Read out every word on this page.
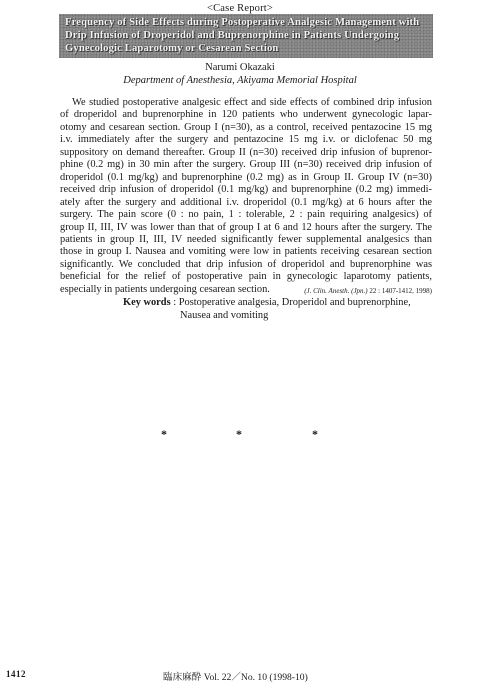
<Case Report>
Frequency of Side Effects during Postoperative Analgesic Management with
Drip Infusion of Droperidol and Buprenorphine in Patients Undergoing
Gynecologic Laparotomy or Cesarean Section
Narumi Okazaki
Department of Anesthesia, Akiyama Memorial Hospital
We studied postoperative analgesic effect and side effects of combined drip infusion
of droperidol and buprenorphine in 120 patients who underwent gynecologic lapar-
otomy and cesarean section. Group I (n=30), as a control, received pentazocine 15 mg
i.v. immediately after the surgery and pentazocine 15 mg i.v. or diclofenac 50 mg
suppository on demand thereafter. Group II (n=30) received drip infusion of buprenor-
phine (0.2 mg) in 30 min after the surgery. Group III (n=30) received drip infusion of
droperidol (0.1 mg/kg) and buprenorphine (0.2 mg) as in Group II. Group IV (n=30)
received drip infusion of droperidol (0.1 mg/kg) and buprenorphine (0.2 mg) immedi-
ately after the surgery and additional i.v. droperidol (0.1 mg/kg) at 6 hours after the
surgery. The pain score (0 : no pain, 1 : tolerable, 2 : pain requiring analgesics) of
group II, III, IV was lower than that of group I at 6 and 12 hours after the surgery. The
patients in group II, III, IV needed significantly fewer supplemental analgesics than
those in group I. Nausea and vomiting were low in patients receiving cesarean section
significantly. We concluded that drip infusion of droperidol and buprenorphine was
beneficial for the relief of postoperative pain in gynecologic laparotomy patients,
especially in patients undergoing cesarean section.	(J. Clin. Anesth. (Jpn.) 22 : 1407-1412, 1998)
Key words : Postoperative analgesia, Droperidol and buprenorphine,
Nausea and vomiting
*	*	*
1412	臨床麻酔 Vol. 22／No. 10 (1998-10)
